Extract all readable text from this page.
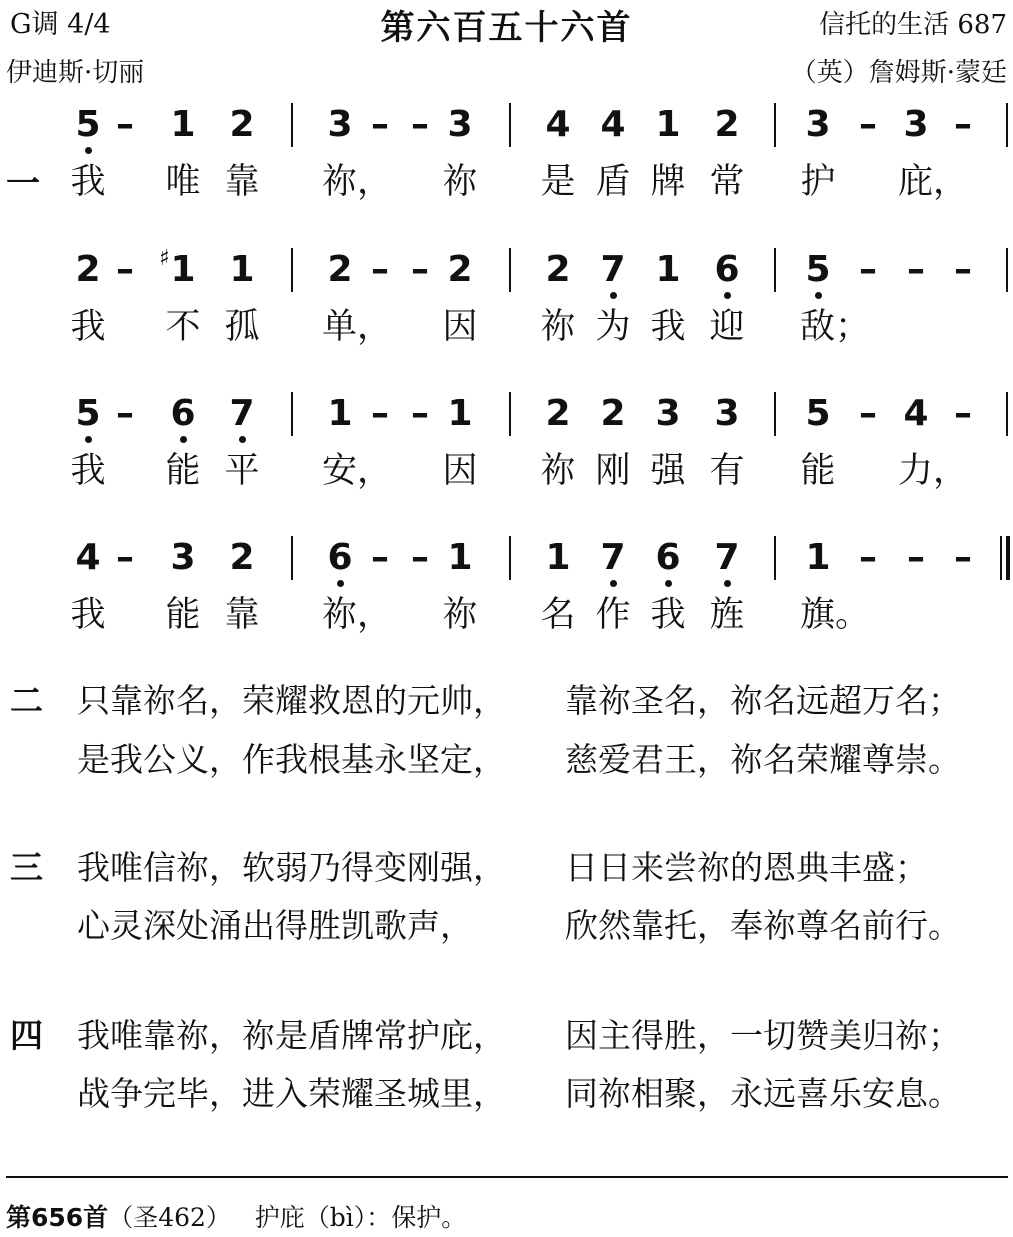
G调 4/4	第六百五十六首	信托的生活 687
伊迪斯·切丽	（英）詹姆斯·蒙廷
一
5 –	1 2 3 – – 3 4 4 1 2 3 – 3 –
我 唯 靠 祢， 祢 是 盾 牌 常 护 庇，
2 –	1
♯ 1 2 – – 2 2 7 1 6 5 – – –
我 不 孤 单， 因 祢 为 我 迎 敌；
5 –	6 7 1 – – 1 2 2 3 3 5 – 4 –
我 能 平 安， 因 祢 刚 强 有 能 力，
4 –	3 2 6 – – 1 1 7 6 7 1 – – –
我 能 靠 祢， 祢 名 作 我 旌 旗。
二 只靠祢名，荣耀救恩的元帅， 靠祢圣名，祢名远超万名；
是我公义，作我根基永坚定， 慈爱君王，祢名荣耀尊崇。
三 我唯信祢，软弱乃得变刚强， 日日来尝祢的恩典丰盛；
心灵深处涌出得胜凯歌声，	欣然靠托，奉祢尊名前行。
四 我唯靠祢，祢是盾牌常护庇， 因主得胜，一切赞美归祢；
战争完毕，进入荣耀圣城里， 同祢相聚，永远喜乐安息。
第656首（圣462） 护庇（bì）：保护。
